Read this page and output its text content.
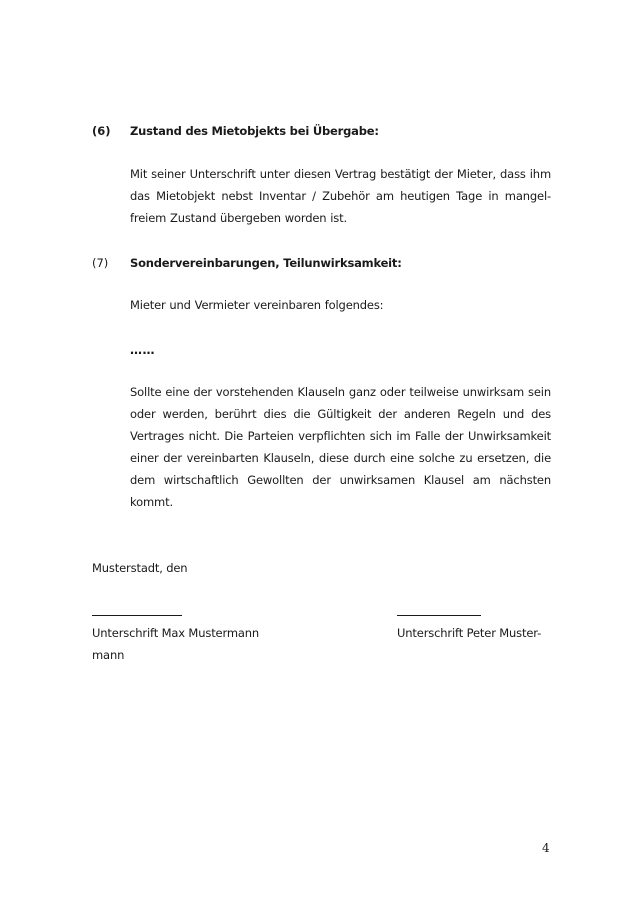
(6) Zustand des Mietobjekts bei Übergabe:
Mit seiner Unterschrift unter diesen Vertrag bestätigt der Mieter, dass ihm das Mietobjekt nebst Inventar / Zubehör am heutigen Tage in mangel-freiem Zustand übergeben worden ist.
(7) Sondervereinbarungen, Teilunwirksamkeit:
Mieter und Vermieter vereinbaren folgendes:
……
Sollte eine der vorstehenden Klauseln ganz oder teilweise unwirksam sein oder werden, berührt dies die Gültigkeit der anderen Regeln und des Vertrages nicht. Die Parteien verpflichten sich im Falle der Unwirksamkeit einer der vereinbarten Klauseln, diese durch eine solche zu ersetzen, die dem wirtschaftlich Gewollten der unwirksamen Klausel am nächsten kommt.
Musterstadt, den
Unterschrift Max Mustermann
mann
Unterschrift Peter Muster-
4
